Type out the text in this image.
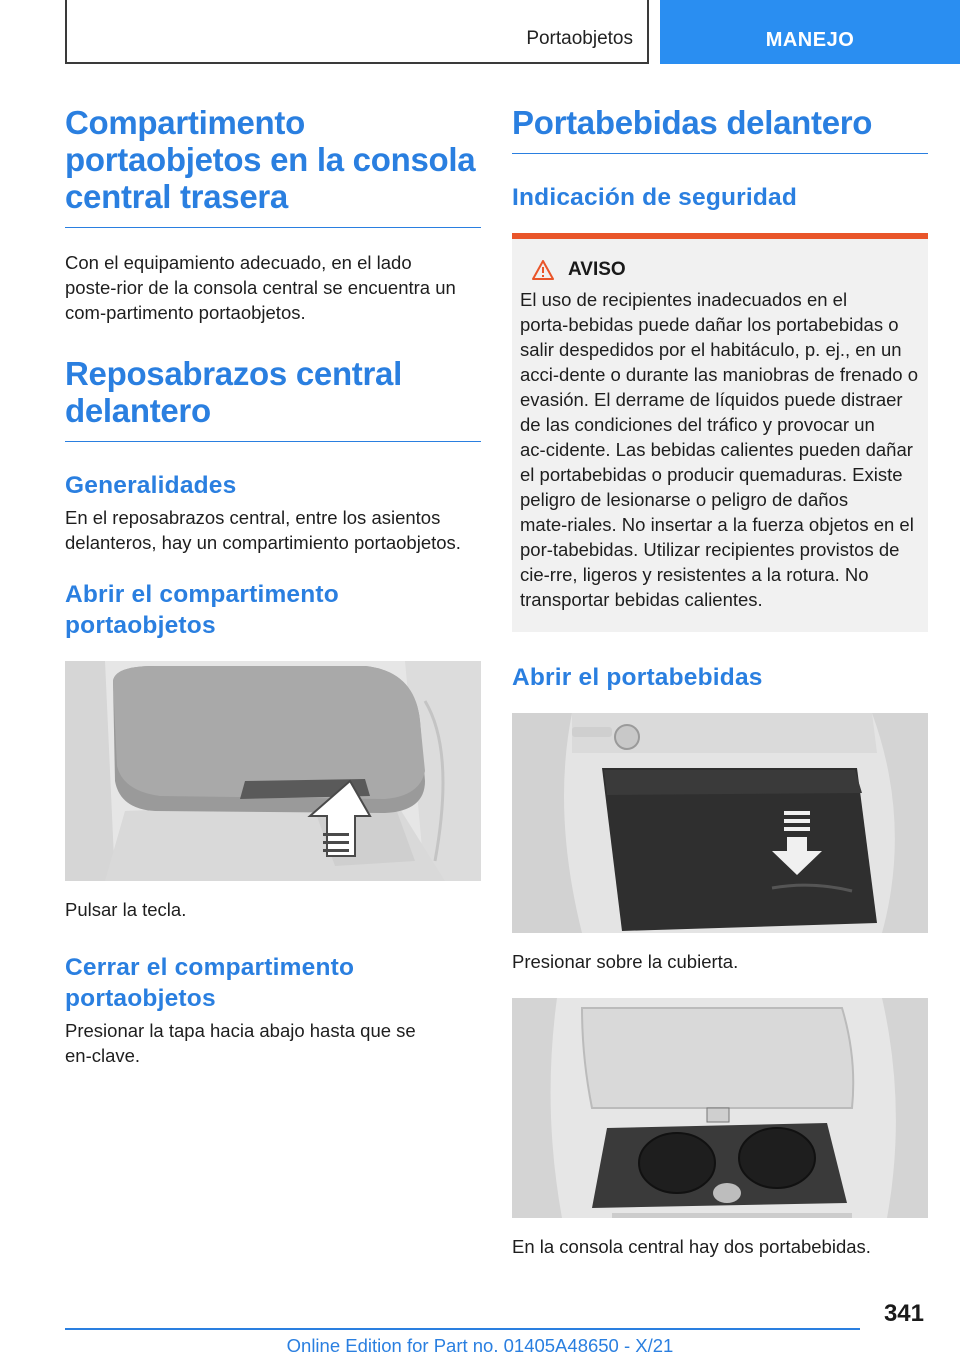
Portaobjetos	MANEJO
Compartimento portaobjetos en la consola central trasera

Con el equipamiento adecuado, en el lado poste‑rior de la consola central se encuentra un com‑partimento portaobjetos.

Reposabrazos central delantero
Generalidades

En el reposabrazos central, entre los asientos delanteros, hay un compartimiento portaobjetos.

Abrir el compartimento portaobjetos

Pulsar la tecla.

Cerrar el compartimento portaobjetos

Presionar la tapa hacia abajo hasta que se en‑clave.

Portabebidas delantero
Indicación de seguridad
AVISO

El uso de recipientes inadecuados en el porta‑bebidas puede dañar los portabebidas o salir despedidos por el habitáculo, p. ej., en un acci‑dente o durante las maniobras de frenado o evasión. El derrame de líquidos puede distraer de las condiciones del tráfico y provocar un ac‑cidente. Las bebidas calientes pueden dañar el portabebidas o producir quemaduras. Existe peligro de lesionarse o peligro de daños mate‑riales. No insertar a la fuerza objetos en el por‑tabebidas. Utilizar recipientes provistos de cie‑rre, ligeros y resistentes a la rotura. No transportar bebidas calientes.

Abrir el portabebidas

Presionar sobre la cubierta.

En la consola central hay dos portabebidas.

341
Online Edition for Part no. 01405A48650 - X/21
